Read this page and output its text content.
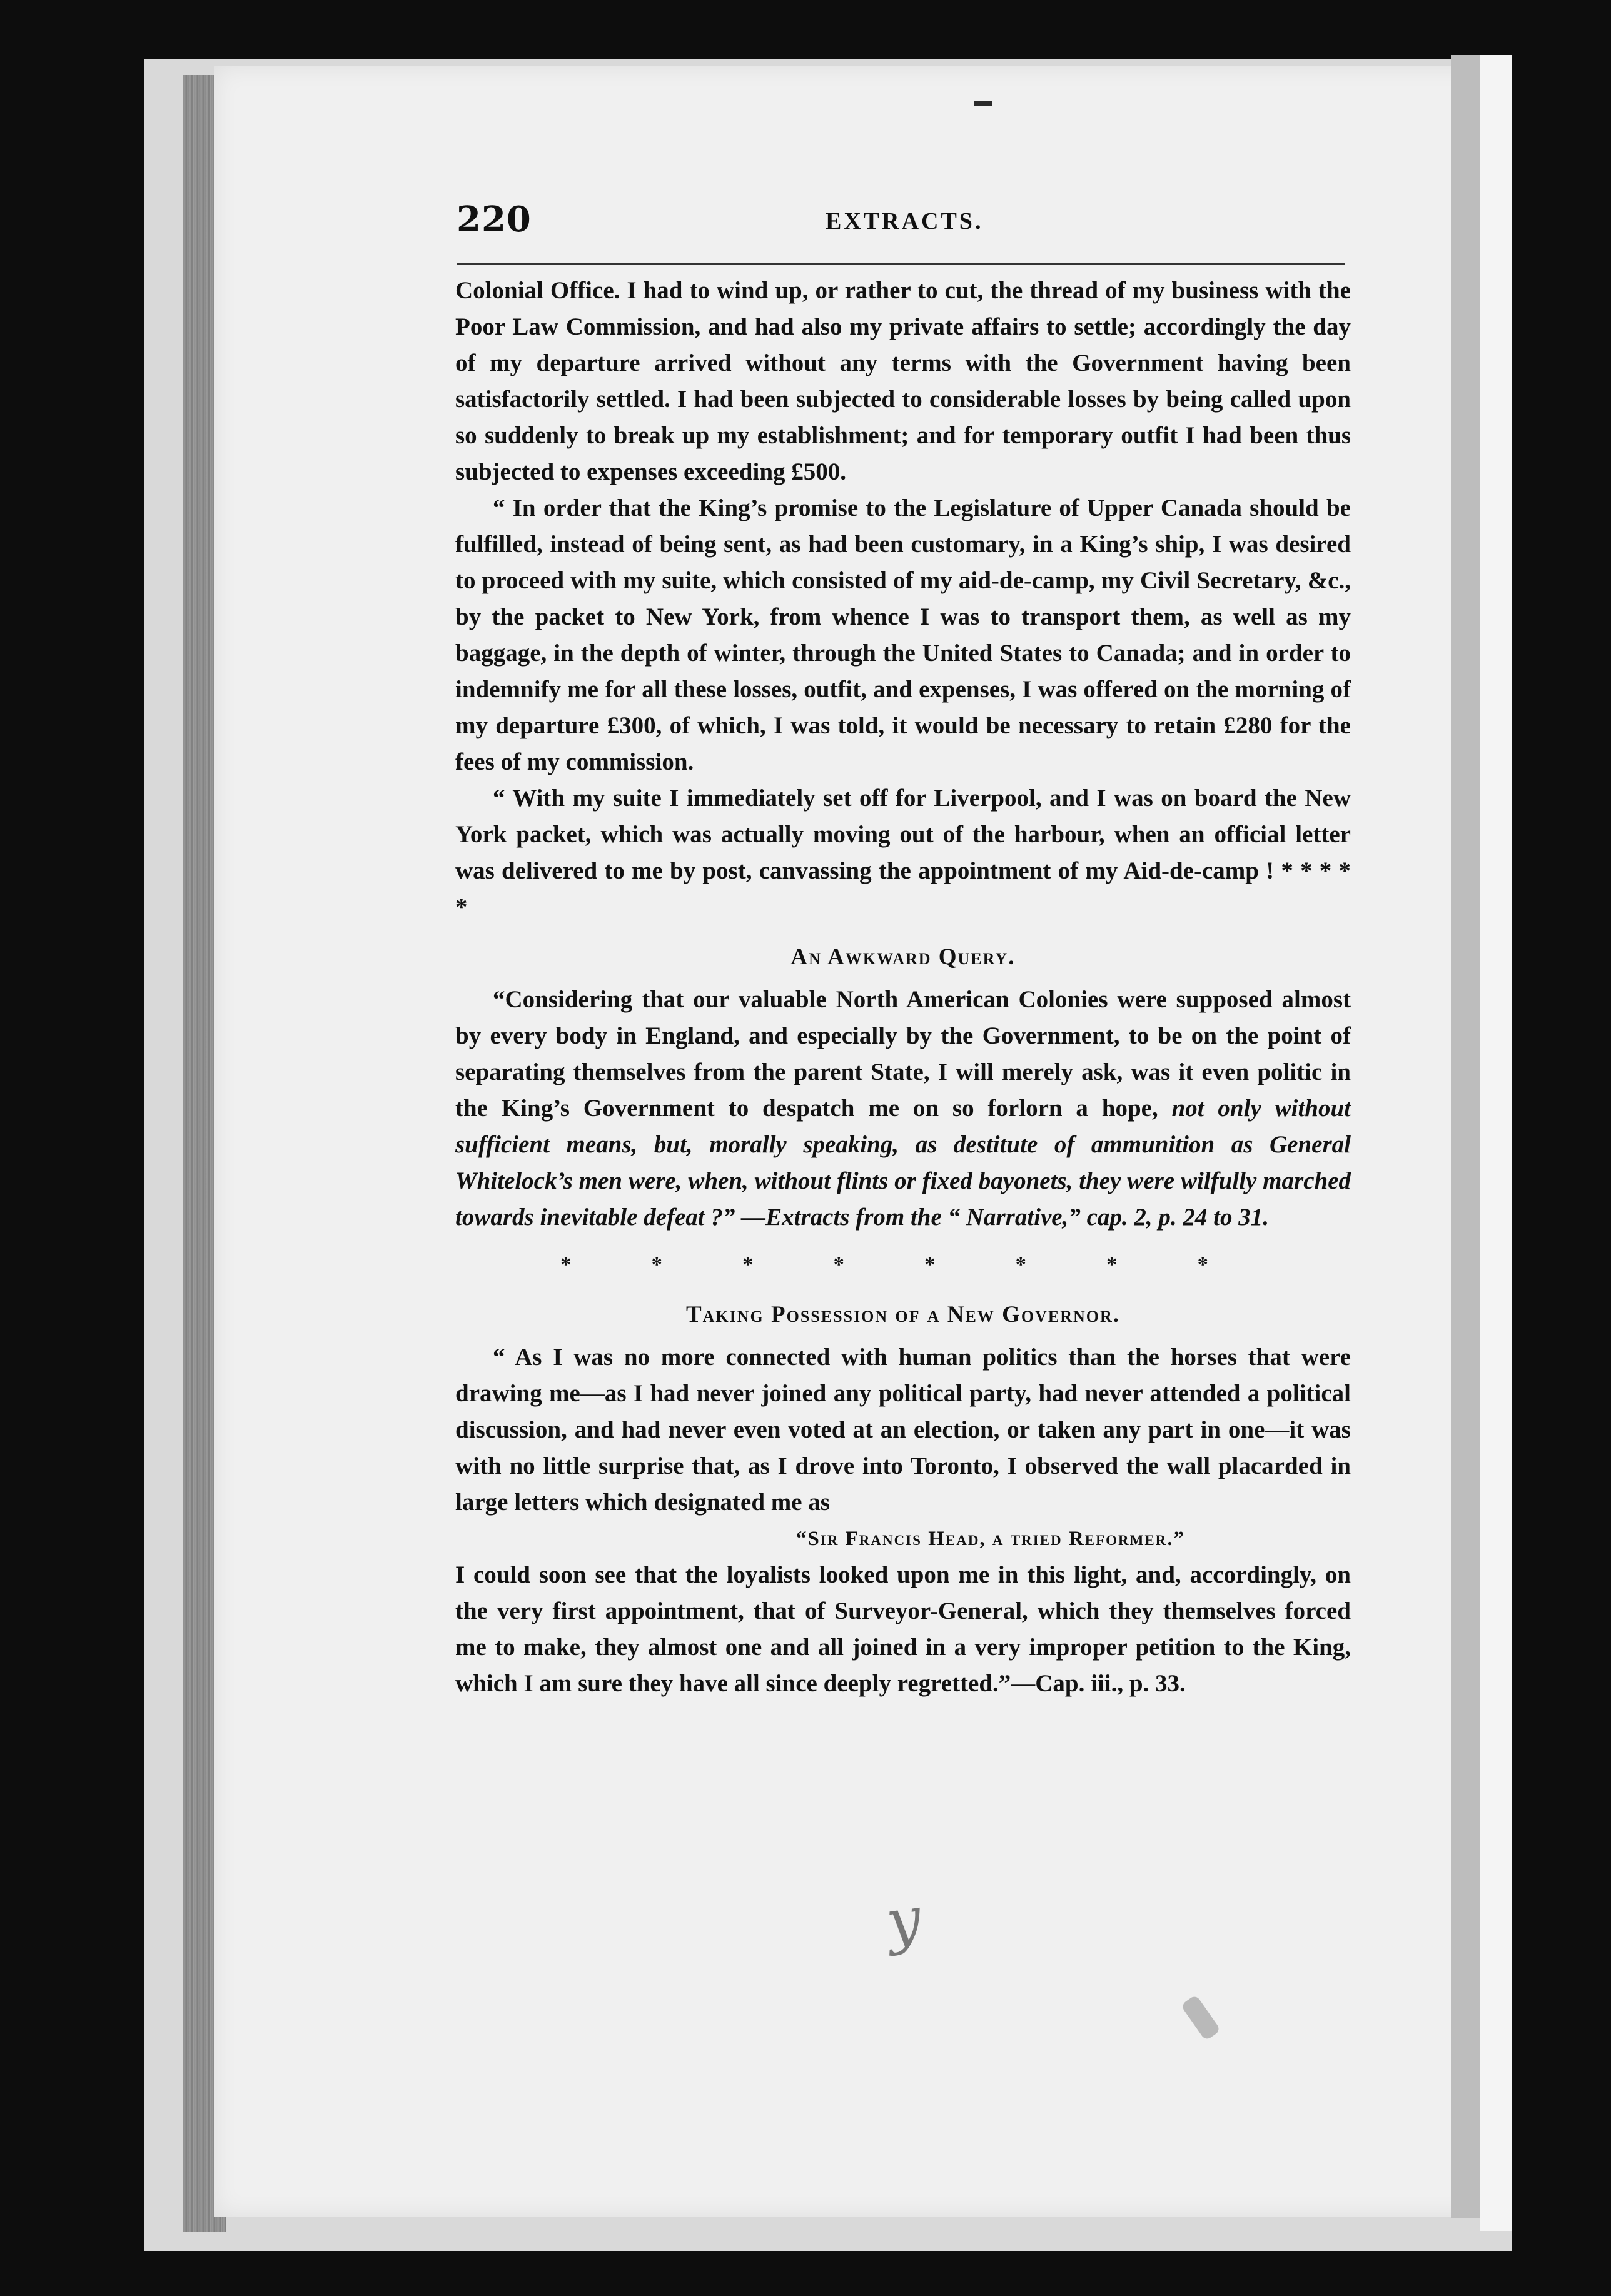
220	EXTRACTS.

Colonial Office. I had to wind up, or rather to cut, the thread of my business with the Poor Law Commission, and had also my private affairs to settle; accordingly the day of my departure arrived without any terms with the Government having been satisfactorily settled. I had been subjected to considerable losses by being called upon so suddenly to break up my establishment; and for temporary outfit I had been thus subjected to expenses exceeding £500.

“ In order that the King’s promise to the Legislature of Upper Canada should be fulfilled, instead of being sent, as had been customary, in a King’s ship, I was desired to proceed with my suite, which consisted of my aid-de-camp, my Civil Secretary, &c., by the packet to New York, from whence I was to transport them, as well as my baggage, in the depth of winter, through the United States to Canada; and in order to indemnify me for all these losses, outfit, and expenses, I was offered on the morning of my departure £300, of which, I was told, it would be necessary to retain £280 for the fees of my commission.

“ With my suite I immediately set off for Liverpool, and I was on board the New York packet, which was actually moving out of the harbour, when an official letter was delivered to me by post, canvassing the appointment of my Aid-de-camp ! * * * * *

An Awkward Query.

“Considering that our valuable North American Colonies were supposed almost by every body in England, and especially by the Government, to be on the point of separating themselves from the parent State, I will merely ask, was it even politic in the King’s Government to despatch me on so forlorn a hope, not only without sufficient means, but, morally speaking, as destitute of ammunition as General Whitelock’s men were, when, without flints or fixed bayonets, they were wilfully marched towards inevitable defeat ?” —Extracts from the “ Narrative,” cap. 2, p. 24 to 31.

* * * * * * * *
Taking Possession of a New Governor.

“ As I was no more connected with human politics than the horses that were drawing me—as I had never joined any political party, had never attended a political discussion, and had never even voted at an election, or taken any part in one—it was with no little surprise that, as I drove into Toronto, I observed the wall placarded in large letters which designated me as

“Sir Francis Head, a tried Reformer.”

I could soon see that the loyalists looked upon me in this light, and, accordingly, on the very first appointment, that of Surveyor-General, which they themselves forced me to make, they almost one and all joined in a very improper petition to the King, which I am sure they have all since deeply regretted.”—Cap. iii., p. 33.

y
